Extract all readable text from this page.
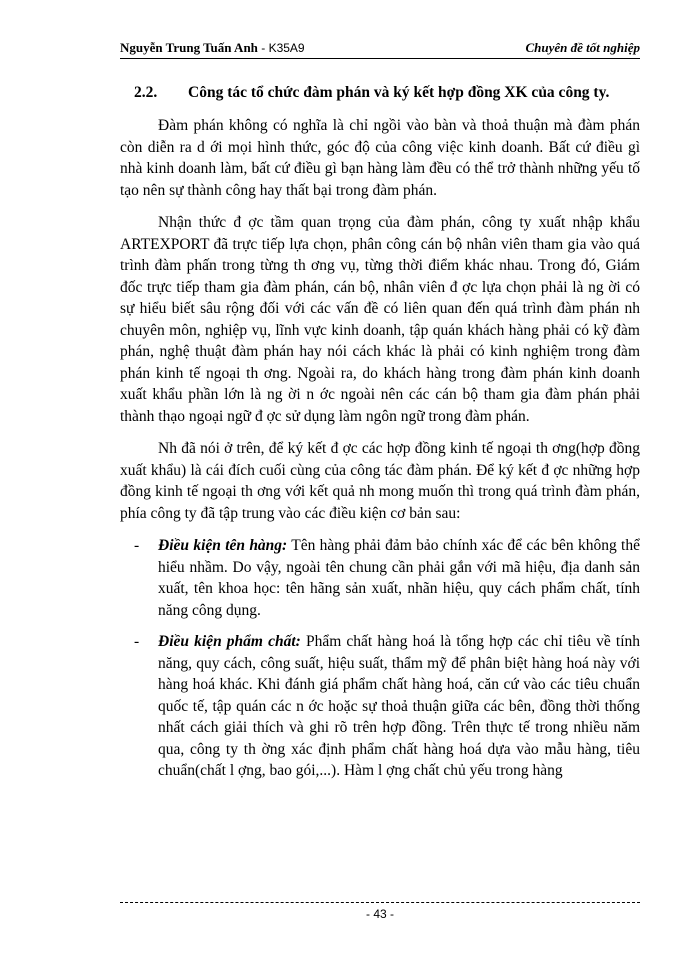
Nguyễn Trung Tuấn Anh - K35A9	Chuyên đề tốt nghiệp
2.2.	Công tác tổ chức đàm phán và ký kết hợp đồng XK của công ty.

Đàm phán không có nghĩa là chỉ ngồi vào bàn và thoả thuận mà đàm phán còn diễn ra d ới mọi hình thức, góc độ của công việc kinh doanh. Bất cứ điều gì nhà kinh doanh làm, bất cứ điều gì bạn hàng làm đều có thể trở thành những yếu tố tạo nên sự thành công hay thất bại trong đàm phán.

Nhận thức đ ợc tầm quan trọng của đàm phán, công ty xuất nhập khẩu ARTEXPORT đã trực tiếp lựa chọn, phân công cán bộ nhân viên tham gia vào quá trình đàm phấn trong từng th ơng vụ, từng thời điểm khác nhau. Trong đó, Giám đốc trực tiếp tham gia đàm phán, cán bộ, nhân viên đ ợc lựa chọn phải là ng ời có sự hiểu biết sâu rộng đối với các vấn đề có liên quan đến quá trình đàm phán nh chuyên môn, nghiệp vụ, lĩnh vực kinh doanh, tập quán khách hàng phải có kỹ đàm phán, nghệ thuật đàm phán hay nói cách khác là phải có kinh nghiệm trong đàm phán kinh tế ngoại th ơng. Ngoài ra, do khách hàng trong đàm phán kinh doanh xuất khẩu phần lớn là ng ời n ớc ngoài nên các cán bộ tham gia đàm phán phải thành thạo ngoại ngữ đ ợc sử dụng làm ngôn ngữ trong đàm phán.

Nh đã nói ở trên, để ký kết đ ợc các hợp đồng kinh tế ngoại th ơng(hợp đồng xuất khẩu) là cái đích cuối cùng của công tác đàm phán. Để ký kết đ ợc những hợp đồng kinh tế ngoại th ơng với kết quả nh mong muốn thì trong quá trình đàm phán, phía công ty đã tập trung vào các điều kiện cơ bản sau:

- Điều kiện tên hàng: Tên hàng phải đảm bảo chính xác để các bên không thể hiểu nhầm. Do vậy, ngoài tên chung cần phải gắn với mã hiệu, địa danh sản xuất, tên khoa học: tên hãng sản xuất, nhãn hiệu, quy cách phẩm chất, tính năng công dụng.
- Điều kiện phẩm chất: Phẩm chất hàng hoá là tổng hợp các chỉ tiêu về tính năng, quy cách, công suất, hiệu suất, thẩm mỹ để phân biệt hàng hoá này với hàng hoá khác. Khi đánh giá phẩm chất hàng hoá, căn cứ vào các tiêu chuẩn quốc tế, tập quán các n ớc hoặc sự thoả thuận giữa các bên, đồng thời thống nhất cách giải thích và ghi rõ trên hợp đồng. Trên thực tế trong nhiều năm qua, công ty th ờng xác định phẩm chất hàng hoá dựa vào mẫu hàng, tiêu chuẩn(chất l ợng, bao gói,...). Hàm l ợng chất chủ yếu trong hàng
- 43 -
